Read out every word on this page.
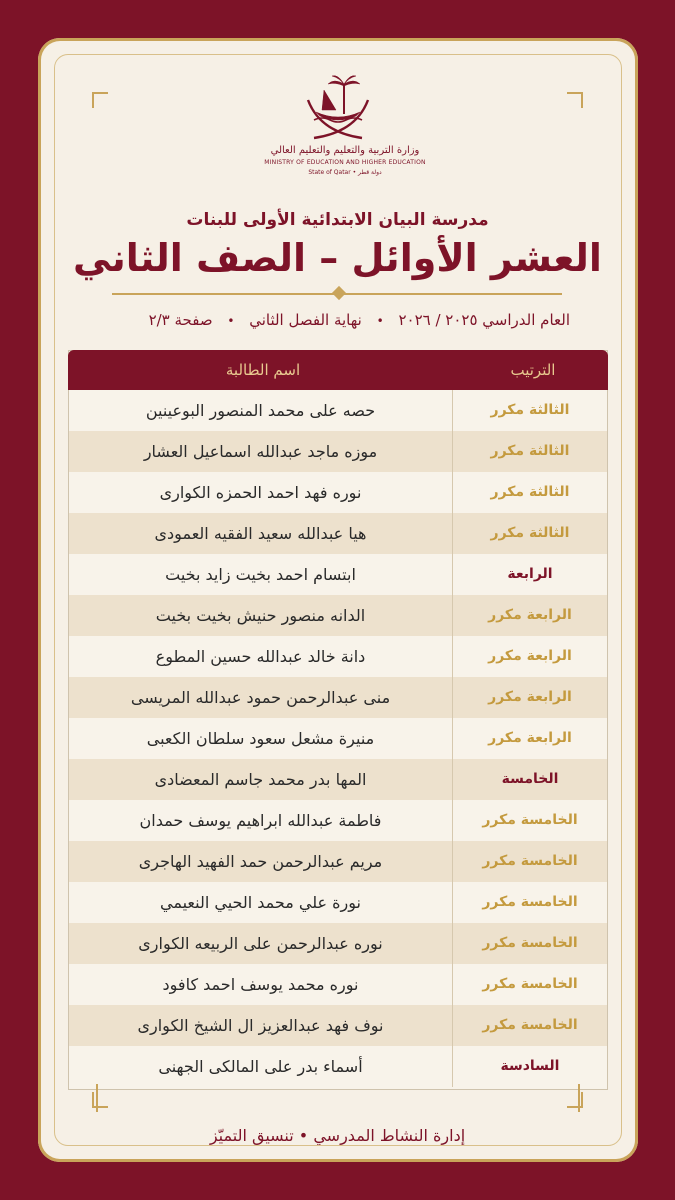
وزارة التربية والتعليم والتعليم العالي
MINISTRY OF EDUCATION AND HIGHER EDUCATION
State of Qatar • دولة قطر
مدرسة البيان الابتدائية الأولى للبنات
العشر الأوائل – الصف الثاني
العام الدراسي ٢٠٢٥ / ٢٠٢٦ • نهاية الفصل الثاني • صفحة ٢/٣
الترتيب
اسم الطالبة
الثالثة مكرر
حصه على محمد المنصور البوعينين
الثالثة مكرر
موزه ماجد عبدالله اسماعيل العشار
الثالثة مكرر
نوره فهد احمد الحمزه الكوارى
الثالثة مكرر
هيا عبدالله سعيد الفقيه العمودى
الرابعة
ابتسام احمد بخيت زايد بخيت
الرابعة مكرر
الدانه منصور حنيش بخيت بخيت
الرابعة مكرر
دانة خالد عبدالله حسين المطوع
الرابعة مكرر
منى عبدالرحمن حمود عبدالله المريسى
الرابعة مكرر
منيرة مشعل سعود سلطان الكعبى
الخامسة
المها بدر محمد جاسم المعضادى
الخامسة مكرر
فاطمة عبدالله ابراهيم يوسف حمدان
الخامسة مكرر
مريم عبدالرحمن حمد الفهيد الهاجرى
الخامسة مكرر
نورة علي محمد الحيي النعيمي
الخامسة مكرر
نوره عبدالرحمن على الربيعه الكوارى
الخامسة مكرر
نوره محمد يوسف احمد كافود
الخامسة مكرر
نوف فهد عبدالعزيز ال الشيخ الكوارى
السادسة
أسماء بدر على المالكى الجهنى
إدارة النشاط المدرسي • تنسيق التميّز
